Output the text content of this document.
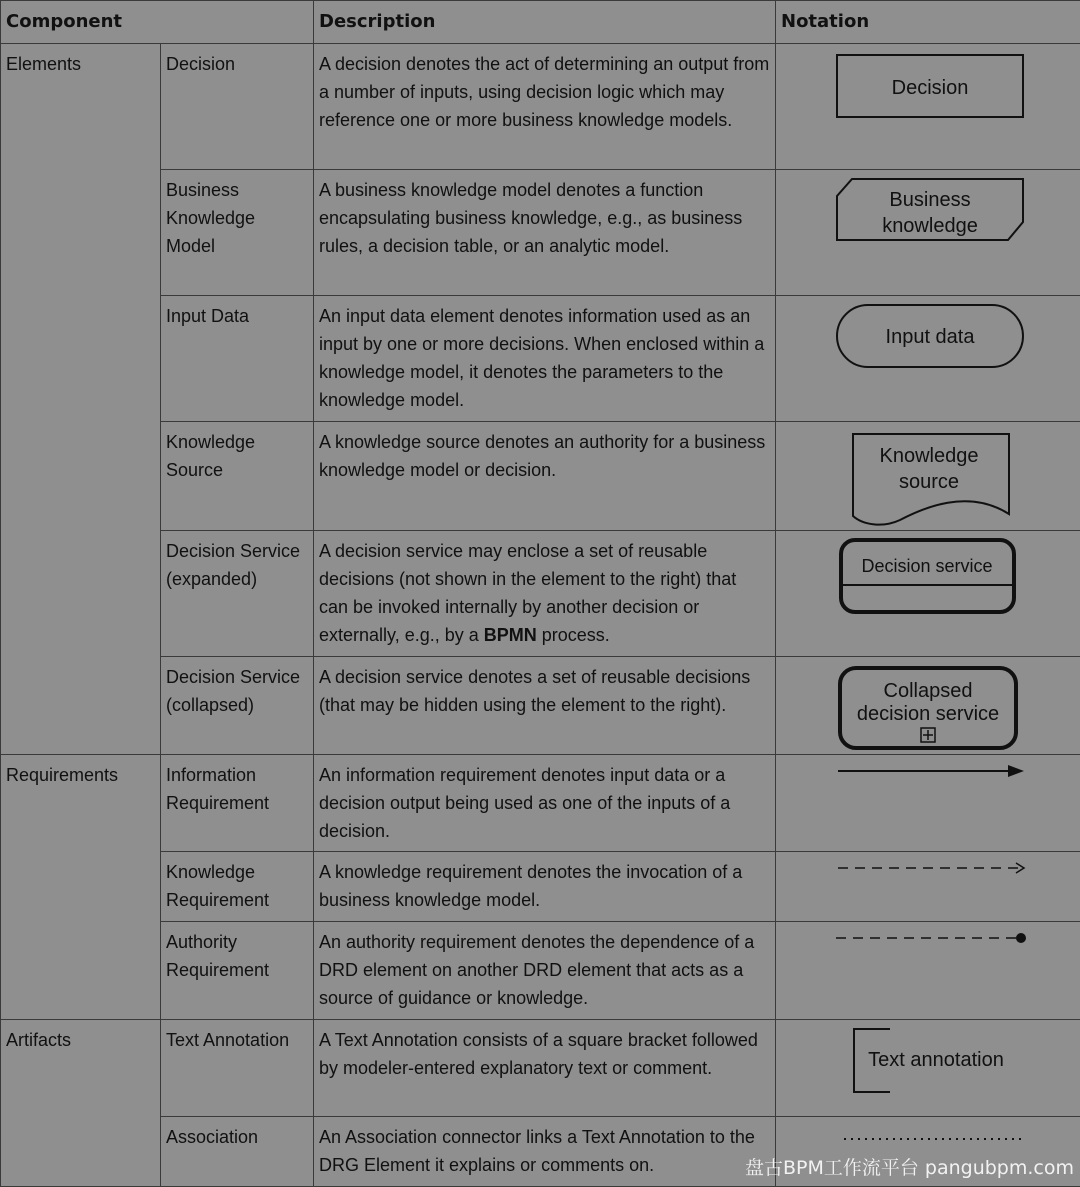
Component		Description	Notation
Elements	Decision	A decision denotes the act of determining an output from a number of inputs, using decision logic which may reference one or more business knowledge models.	Decision

	Business Knowledge Model	A business knowledge model denotes a function encapsulating business knowledge, e.g., as business rules, a decision table, or an analytic model.	Business
knowledge

	Input Data	An input data element denotes information used as an input by one or more decisions. When enclosed within a knowledge model, it denotes the parameters to the knowledge model.	Input data

	Knowledge Source	A knowledge source denotes an authority for a business knowledge model or decision.	Knowledge
source

	Decision Service (expanded)	A decision service may enclose a set of reusable decisions (not shown in the element to the right) that can be invoked internally by another decision or externally, e.g., by a BPMN process.	Decision service

	Decision Service (collapsed)	A decision service denotes a set of reusable decisions (that may be hidden using the element to the right).	Collapsed
decision service

Requirements	Information Requirement	An information requirement denotes input data or a decision output being used as one of the inputs of a decision.	

	Knowledge Requirement	A knowledge requirement denotes the invocation of a business knowledge model.	

	Authority Requirement	An authority requirement denotes the dependence of a DRD element on another DRD element that acts as a source of guidance or knowledge.	

Artifacts	Text Annotation	A Text Annotation consists of a square bracket followed by modeler-entered explanatory text or comment.	Text annotation

	Association	An Association connector links a Text Annotation to the DRG Element it explains or comments on.		盘古BPM工作流平台 pangubpm.com
